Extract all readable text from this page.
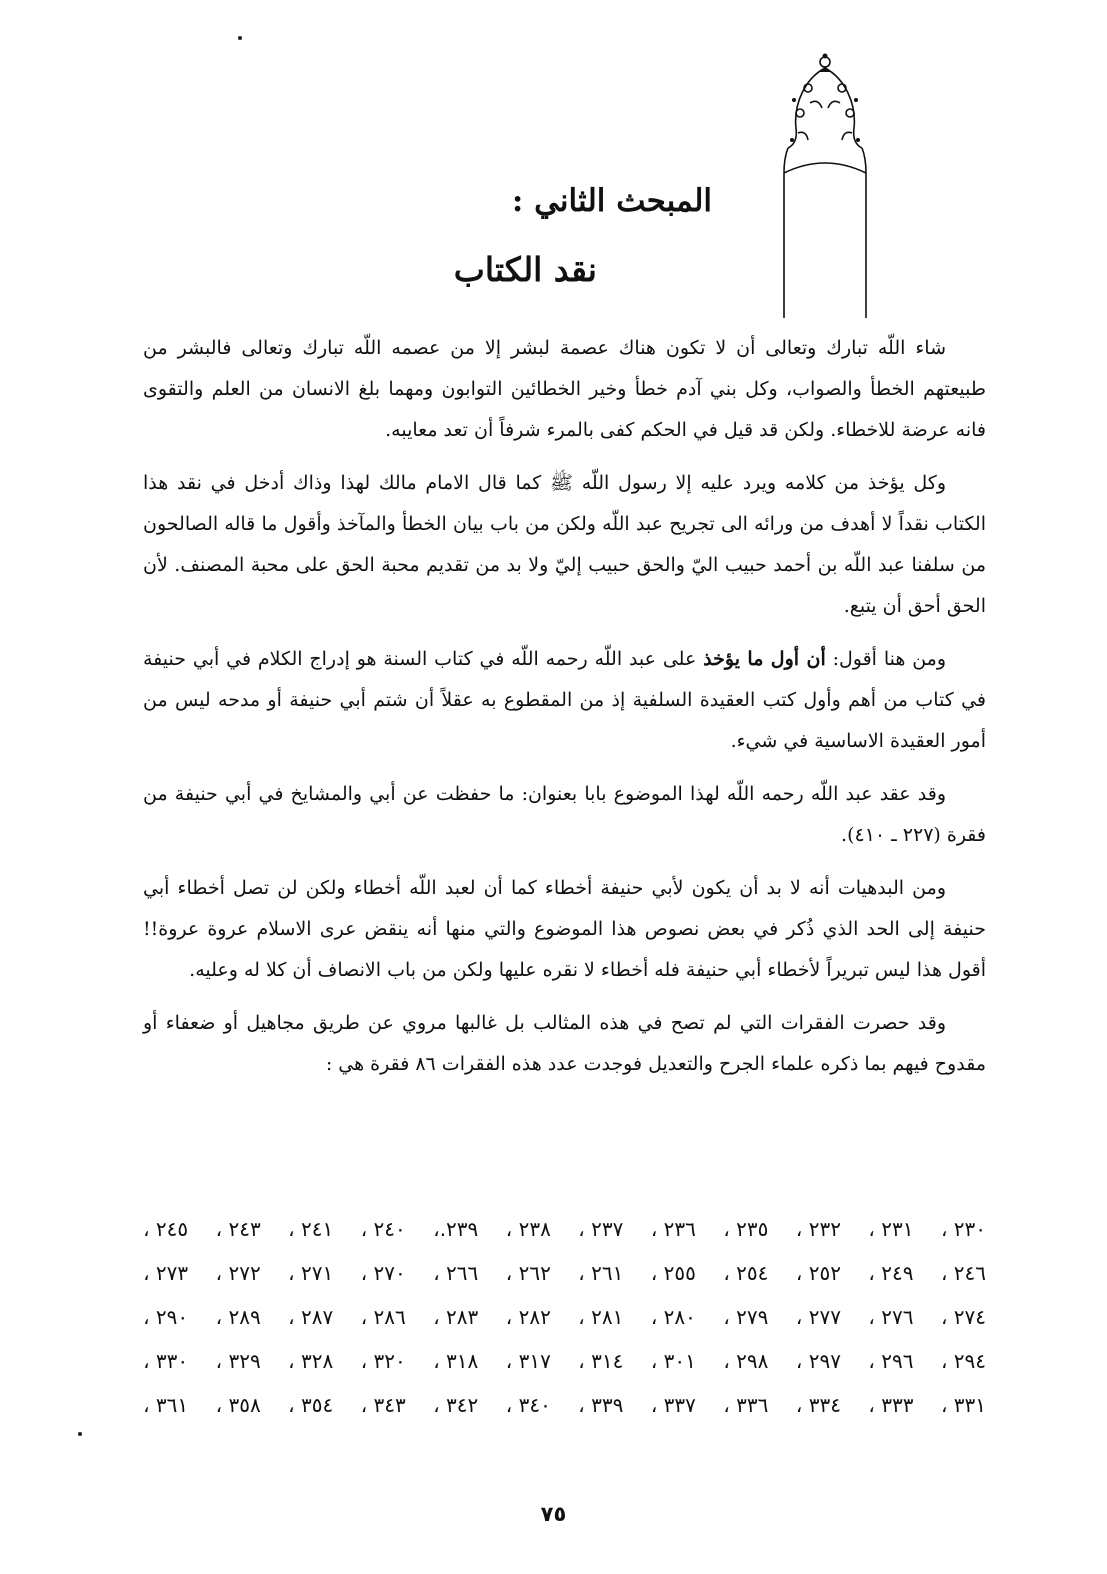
المبحث الثاني :
نقد الكتاب

شاء اللّه تبارك وتعالى أن لا تكون هناك عصمة لبشر إلا من عصمه اللّه تبارك وتعالى فالبشر من طبيعتهم الخطأ والصواب، وكل بني آدم خطأ وخير الخطائين التوابون ومهما بلغ الانسان من العلم والتقوى فانه عرضة للاخطاء. ولكن قد قيل في الحكم كفى بالمرء شرفاً أن تعد معايبه.

وكل يؤخذ من كلامه ويرد عليه إلا رسول اللّه ﷺ كما قال الامام مالك لهذا وذاك أدخل في نقد هذا الكتاب نقداً لا أهدف من ورائه الى تجريح عبد اللّه ولكن من باب بيان الخطأ والمآخذ وأقول ما قاله الصالحون من سلفنا عبد اللّه بن أحمد حبيب اليّ والحق حبيب إليّ ولا بد من تقديم محبة الحق على محبة المصنف. لأن الحق أحق أن يتبع.

ومن هنا أقول: أن أول ما يؤخذ على عبد اللّه رحمه اللّه في كتاب السنة هو إدراج الكلام في أبي حنيفة في كتاب من أهم وأول كتب العقيدة السلفية إذ من المقطوع به عقلاً أن شتم أبي حنيفة أو مدحه ليس من أمور العقيدة الاساسية في شيء.

وقد عقد عبد اللّه رحمه اللّه لهذا الموضوع بابا بعنوان: ما حفظت عن أبي والمشايخ في أبي حنيفة من فقرة (٢٢٧ ـ ٤١٠).

ومن البدهيات أنه لا بد أن يكون لأبي حنيفة أخطاء كما أن لعبد اللّه أخطاء ولكن لن تصل أخطاء أبي حنيفة إلى الحد الذي ذُكر في بعض نصوص هذا الموضوع والتي منها أنه ينقض عرى الاسلام عروة عروة!! أقول هذا ليس تبريراً لأخطاء أبي حنيفة فله أخطاء لا نقره عليها ولكن من باب الانصاف أن كلا له وعليه.

وقد حصرت الفقرات التي لم تصح في هذه المثالب بل غالبها مروي عن طريق مجاهيل أو ضعفاء أو مقدوح فيهم بما ذكره علماء الجرح والتعديل فوجدت عدد هذه الفقرات ٨٦ فقرة هي :

٢٣٠ ،
٢٣١ ،
٢٣٢ ،
٢٣٥ ،
٢٣٦ ،
٢٣٧ ،
٢٣٨ ،
٢٣٩.،
٢٤٠ ،
٢٤١ ،
٢٤٣ ،
٢٤٥ ،
٢٤٦ ،
٢٤٩ ،
٢٥٢ ،
٢٥٤ ،
٢٥٥ ،
٢٦١ ،
٢٦٢ ،
٢٦٦ ،
٢٧٠ ،
٢٧١ ،
٢٧٢ ،
٢٧٣ ،
٢٧٤ ،
٢٧٦ ،
٢٧٧ ،
٢٧٩ ،
٢٨٠ ،
٢٨١ ،
٢٨٢ ،
٢٨٣ ،
٢٨٦ ،
٢٨٧ ،
٢٨٩ ،
٢٩٠ ،
٢٩٤ ،
٢٩٦ ،
٢٩٧ ،
٢٩٨ ،
٣٠١ ،
٣١٤ ،
٣١٧ ،
٣١٨ ،
٣٢٠ ،
٣٢٨ ،
٣٢٩ ،
٣٣٠ ،
٣٣١ ،
٣٣٣ ،
٣٣٤ ،
٣٣٦ ،
٣٣٧ ،
٣٣٩ ،
٣٤٠ ،
٣٤٢ ،
٣٤٣ ،
٣٥٤ ،
٣٥٨ ،
٣٦١ ،
٧٥
